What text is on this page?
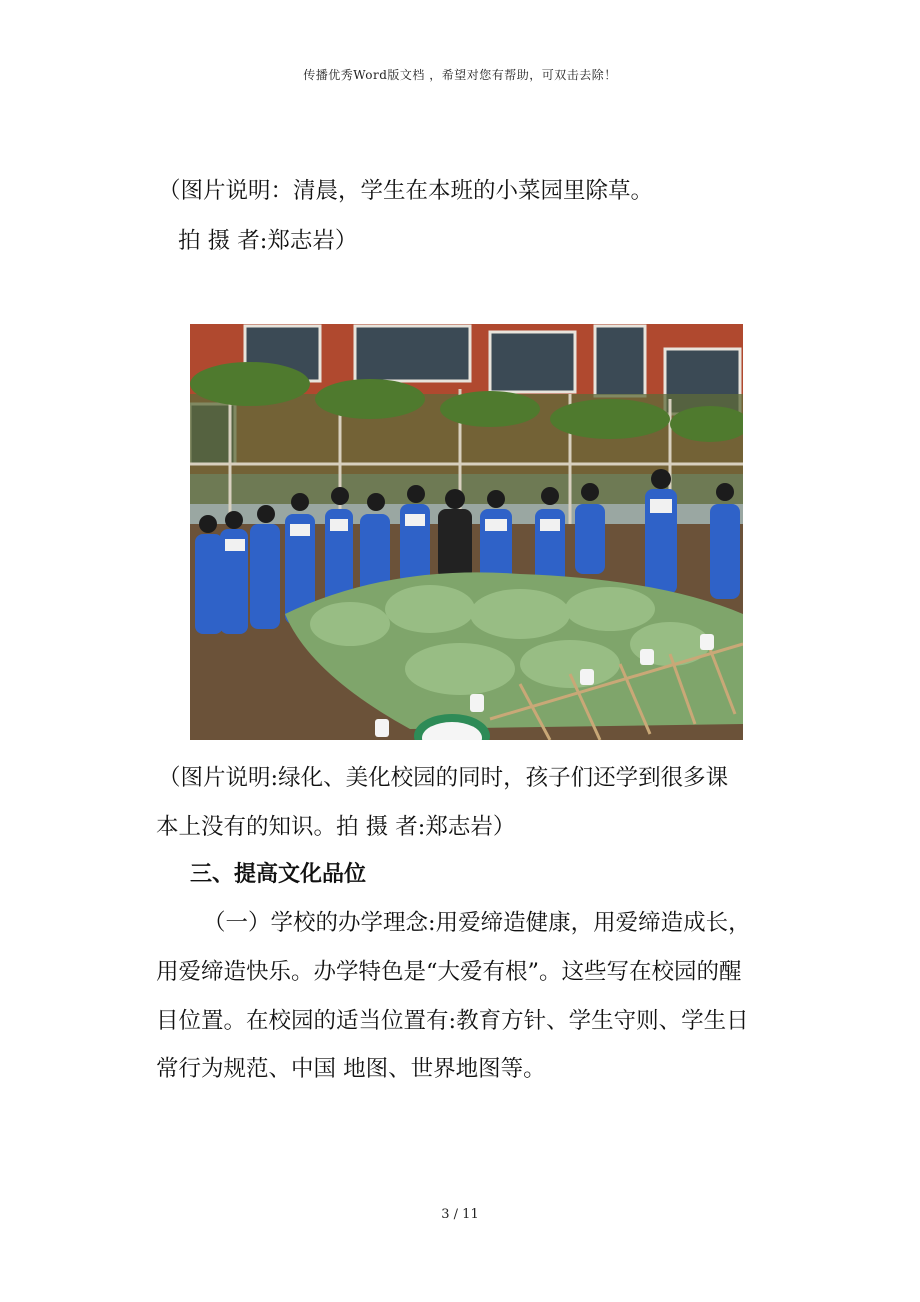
传播优秀Word版文档 ，希望对您有帮助，可双击去除！
（图片说明：清晨，学生在本班的小菜园里除草。
拍 摄 者:郑志岩）
（图片说明:绿化、美化校园的同时，孩子们还学到很多课
本上没有的知识。拍 摄 者:郑志岩）
三、提高文化品位
（一）学校的办学理念:用爱缔造健康，用爱缔造成长，
用爱缔造快乐。办学特色是“大爱有根”。这些写在校园的醒
目位置。在校园的适当位置有:教育方针、学生守则、学生日
常行为规范、中国 地图、世界地图等。
3 / 11
